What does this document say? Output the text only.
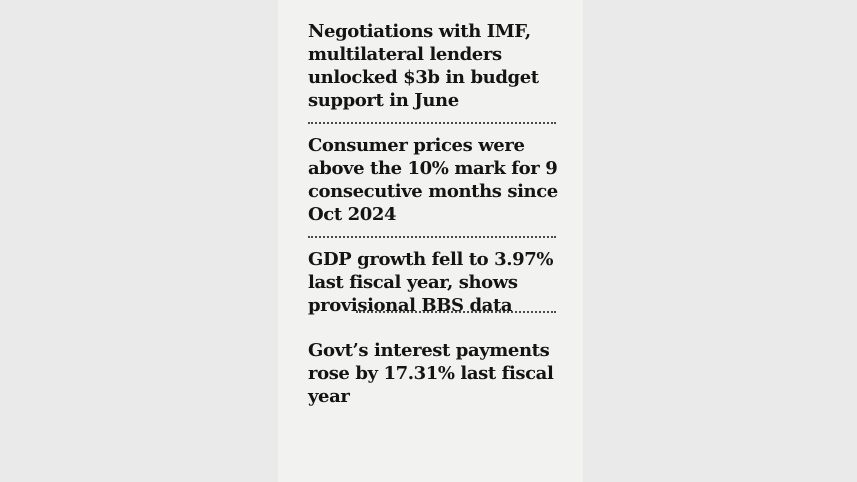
Negotiations with IMF, multilateral lenders unlocked $3b in budget support in June

Consumer prices were above the 10% mark for 9 consecutive months since Oct 2024

GDP growth fell to 3.97% last fiscal year, shows provisional BBS data

Govt’s interest payments rose by 17.31% last fiscal year
